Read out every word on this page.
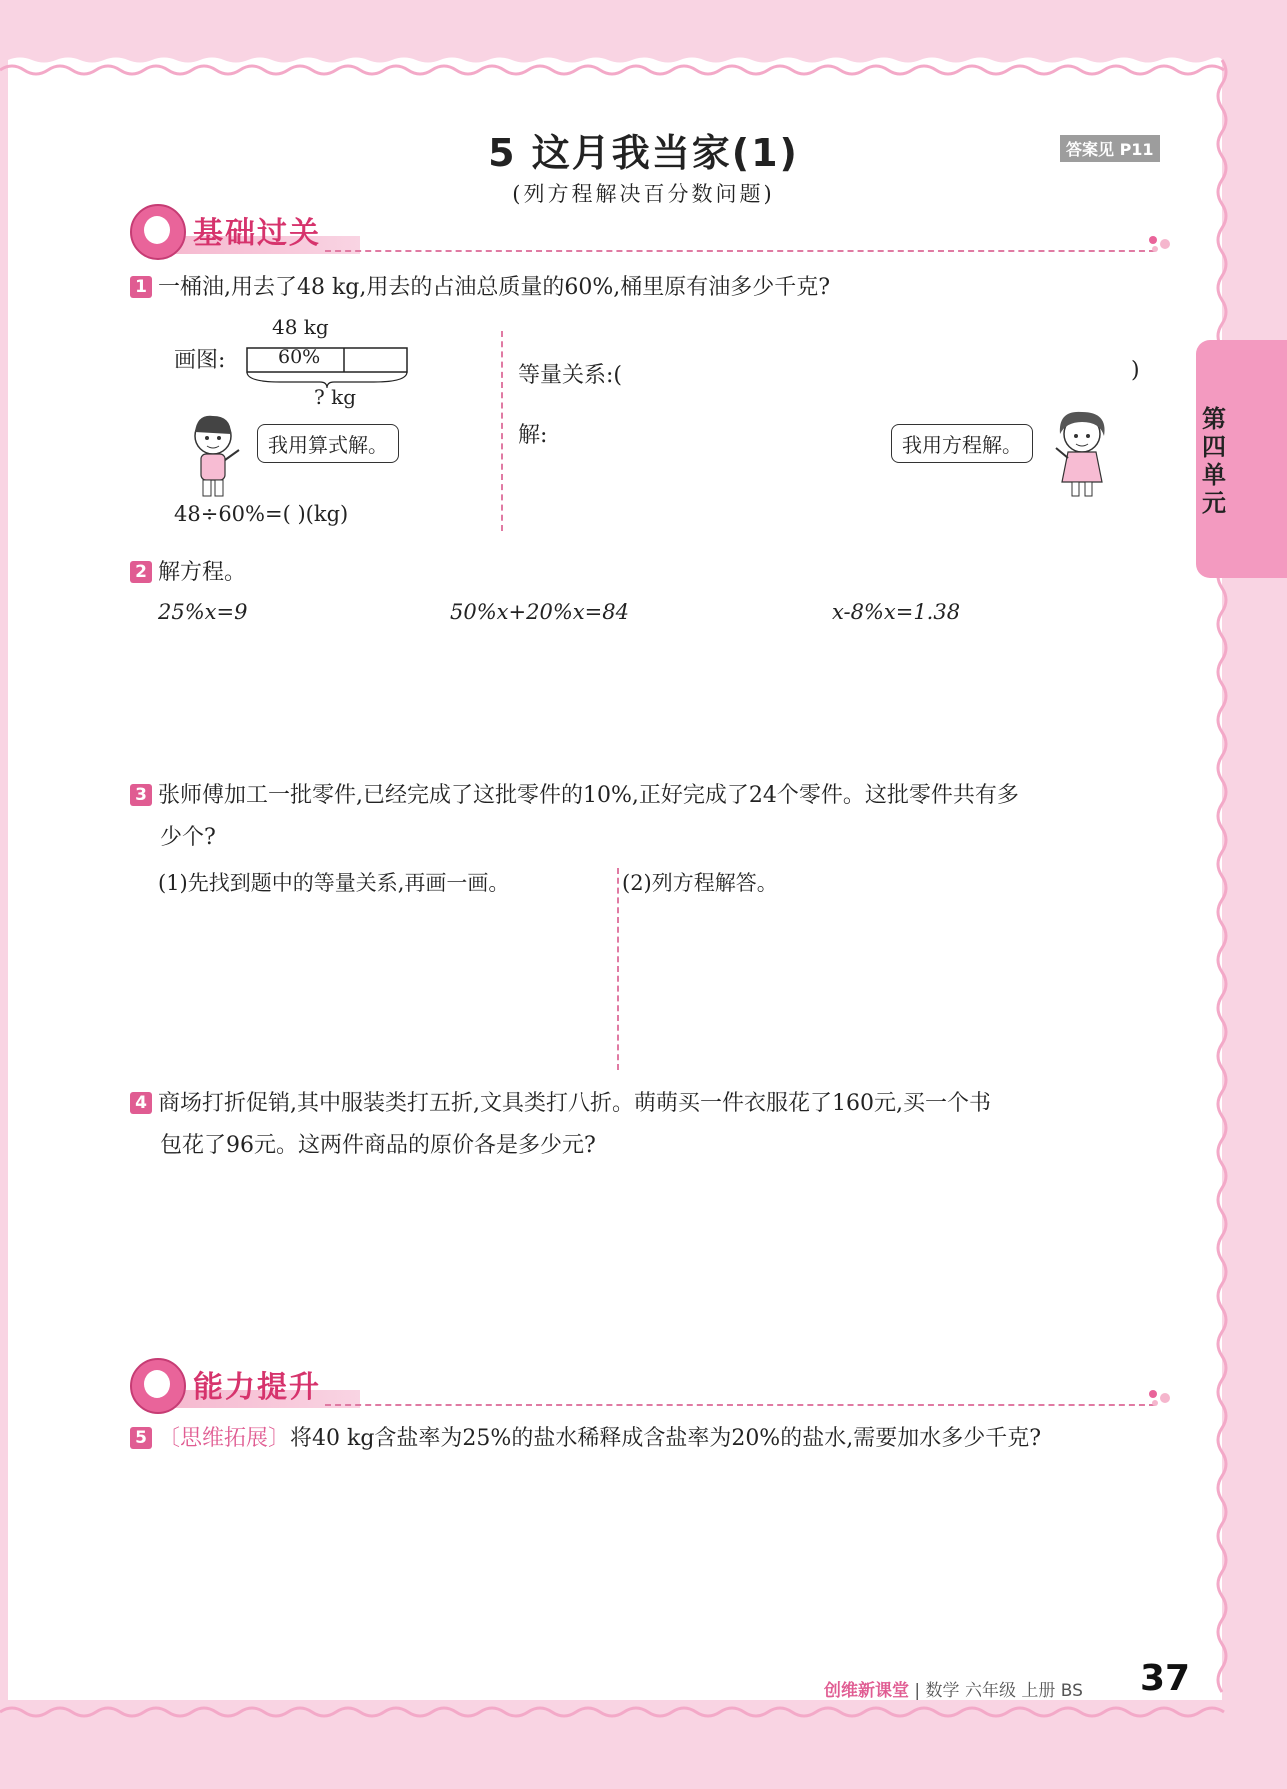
5 这月我当家(1)
(列方程解决百分数问题)
答案见 P11
第
四
单
元
基础过关
1 一桶油,用去了48 kg,用去的占油总质量的60%,桶里原有油多少千克?
画图:
48 kg
60%
? kg
我用算式解。
48÷60%=( )(kg)
等量关系:(	)
解:	我用方程解。
2 解方程。
25%x=9	50%x+20%x=84	x-8%x=1.38
3 张师傅加工一批零件,已经完成了这批零件的10%,正好完成了24个零件。这批零件共有多
少个?
(1)先找到题中的等量关系,再画一画。	(2)列方程解答。
4 商场打折促销,其中服装类打五折,文具类打八折。萌萌买一件衣服花了160元,买一个书
包花了96元。这两件商品的原价各是多少元?
能力提升
5 〔思维拓展〕将40 kg含盐率为25%的盐水稀释成含盐率为20%的盐水,需要加水多少千克?
创维新课堂 | 数学 六年级 上册 BS 37
